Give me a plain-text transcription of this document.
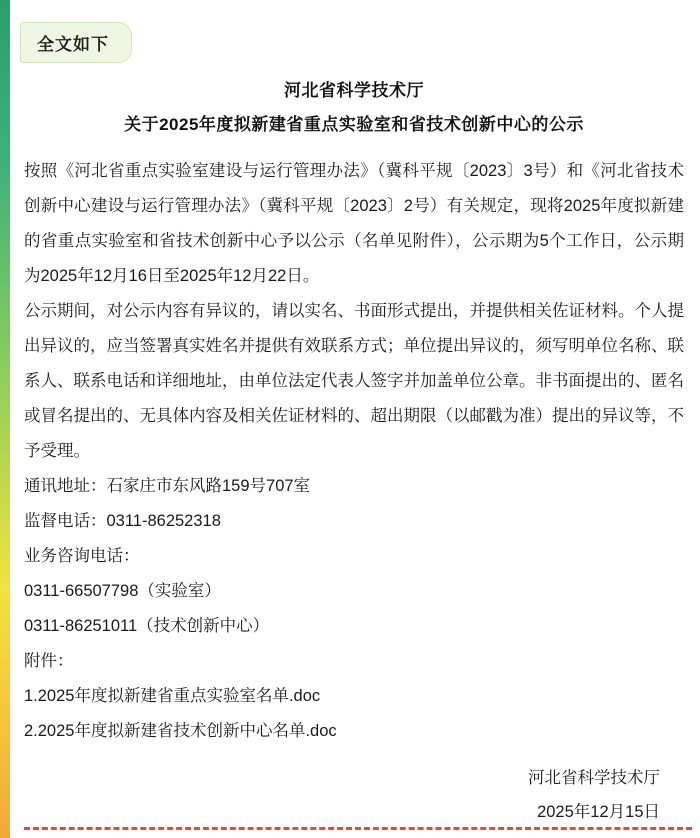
全文如下
河北省科学技术厅
关于2025年度拟新建省重点实验室和省技术创新中心的公示

按照《河北省重点实验室建设与运行管理办法》（冀科平规〔2023〕3号）和《河北省技术创新中心建设与运行管理办法》（冀科平规〔2023〕2号）有关规定，现将2025年度拟新建的省重点实验室和省技术创新中心予以公示（名单见附件），公示期为5个工作日，公示期为2025年12月16日至2025年12月22日。

公示期间，对公示内容有异议的，请以实名、书面形式提出，并提供相关佐证材料。个人提出异议的，应当签署真实姓名并提供有效联系方式；单位提出异议的，须写明单位名称、联系人、联系电话和详细地址，由单位法定代表人签字并加盖单位公章。非书面提出的、匿名或冒名提出的、无具体内容及相关佐证材料的、超出期限（以邮戳为准）提出的异议等，不予受理。

通讯地址：石家庄市东风路159号707室

监督电话：0311-86252318

业务咨询电话：

0311-66507798（实验室）

0311-86251011（技术创新中心）

附件：

1.2025年度拟新建省重点实验室名单.doc

2.2025年度拟新建省技术创新中心名单.doc

河北省科学技术厅
2025年12月15日
